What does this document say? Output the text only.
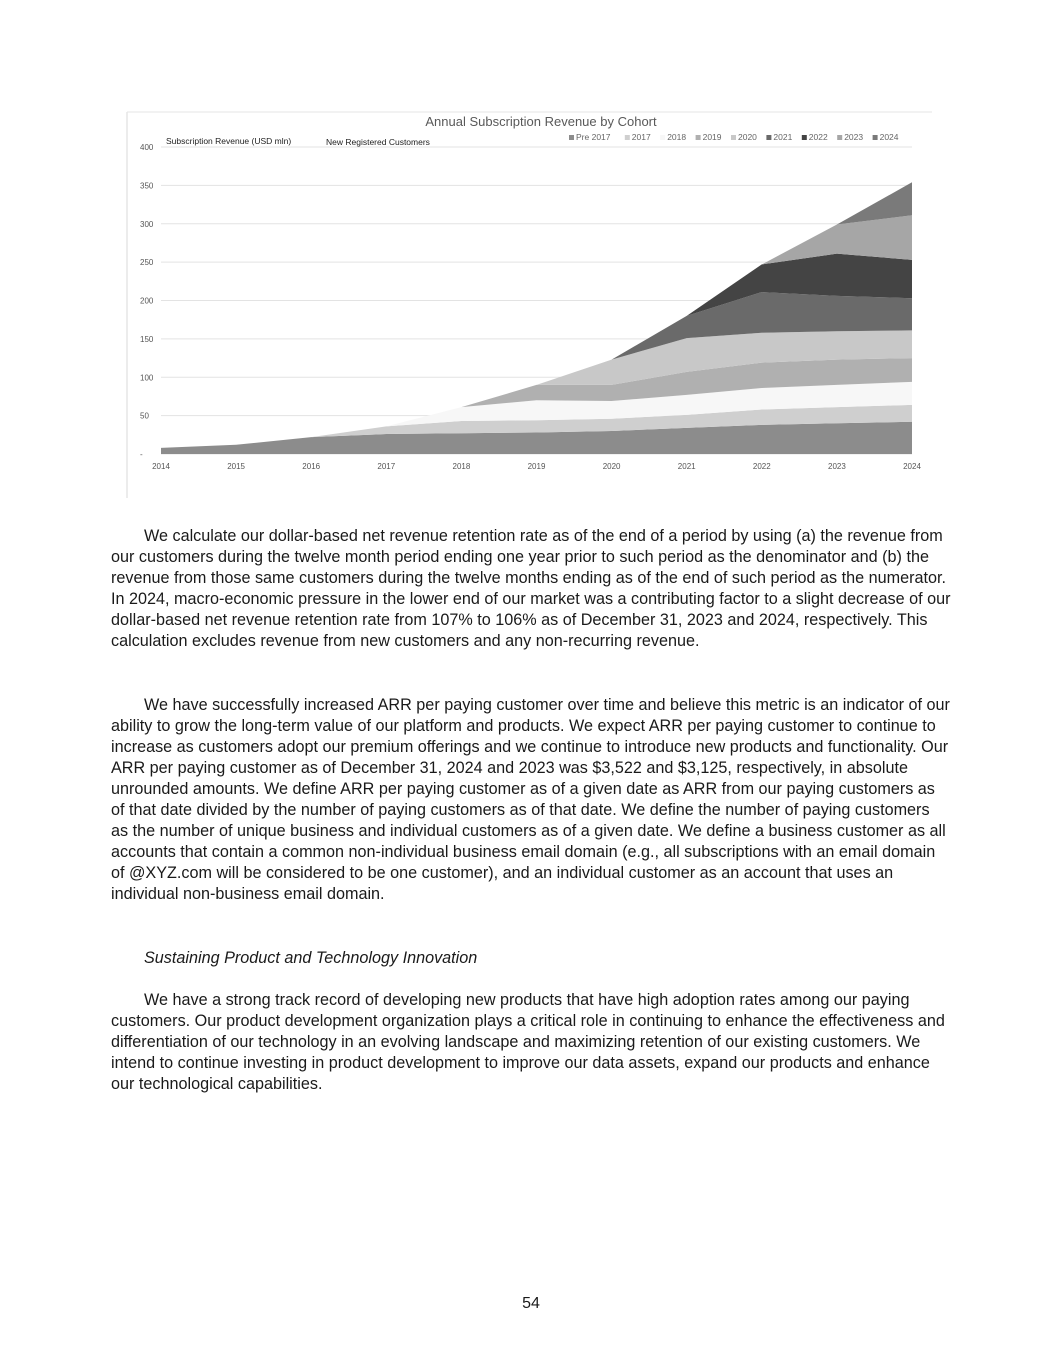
-
50
100
150
200
250
300
350
400
2014	2015	2016	2017	2018	2019	2020	2021	2022	2023	2024
Annual Subscription Revenue by Cohort
Subscription Revenue (USD mln)	New Registered Customers	Pre 2017	2017 2018 2019 2020 2021 2022 2023 2024

We calculate our dollar-based net revenue retention rate as of the end of a period by using (a) the revenue from our customers during the twelve month period ending one year prior to such period as the denominator and (b) the revenue from those same customers during the twelve months ending as of the end of such period as the numerator. In 2024, macro-economic pressure in the lower end of our market was a contributing factor to a slight decrease of our dollar-based net revenue retention rate from 107% to 106% as of December 31, 2023 and 2024, respectively. This calculation excludes revenue from new customers and any non-recurring revenue.

We have successfully increased ARR per paying customer over time and believe this metric is an indicator of our ability to grow the long-term value of our platform and products. We expect ARR per paying customer to continue to increase as customers adopt our premium offerings and we continue to introduce new products and functionality. Our ARR per paying customer as of December 31, 2024 and 2023 was $3,522 and $3,125, respectively, in absolute unrounded amounts. We define ARR per paying customer as of a given date as ARR from our paying customers as of that date divided by the number of paying customers as of that date. We define the number of paying customers as the number of unique business and individual customers as of a given date. We define a business customer as all accounts that contain a common non-individual business email domain (e.g., all subscriptions with an email domain of @XYZ.com will be considered to be one customer), and an individual customer as an account that uses an individual non-business email domain.

Sustaining Product and Technology Innovation

We have a strong track record of developing new products that have high adoption rates among our paying customers. Our product development organization plays a critical role in continuing to enhance the effectiveness and differentiation of our technology in an evolving landscape and maximizing retention of our existing customers. We intend to continue investing in product development to improve our data assets, expand our products and enhance our technological capabilities.

54
